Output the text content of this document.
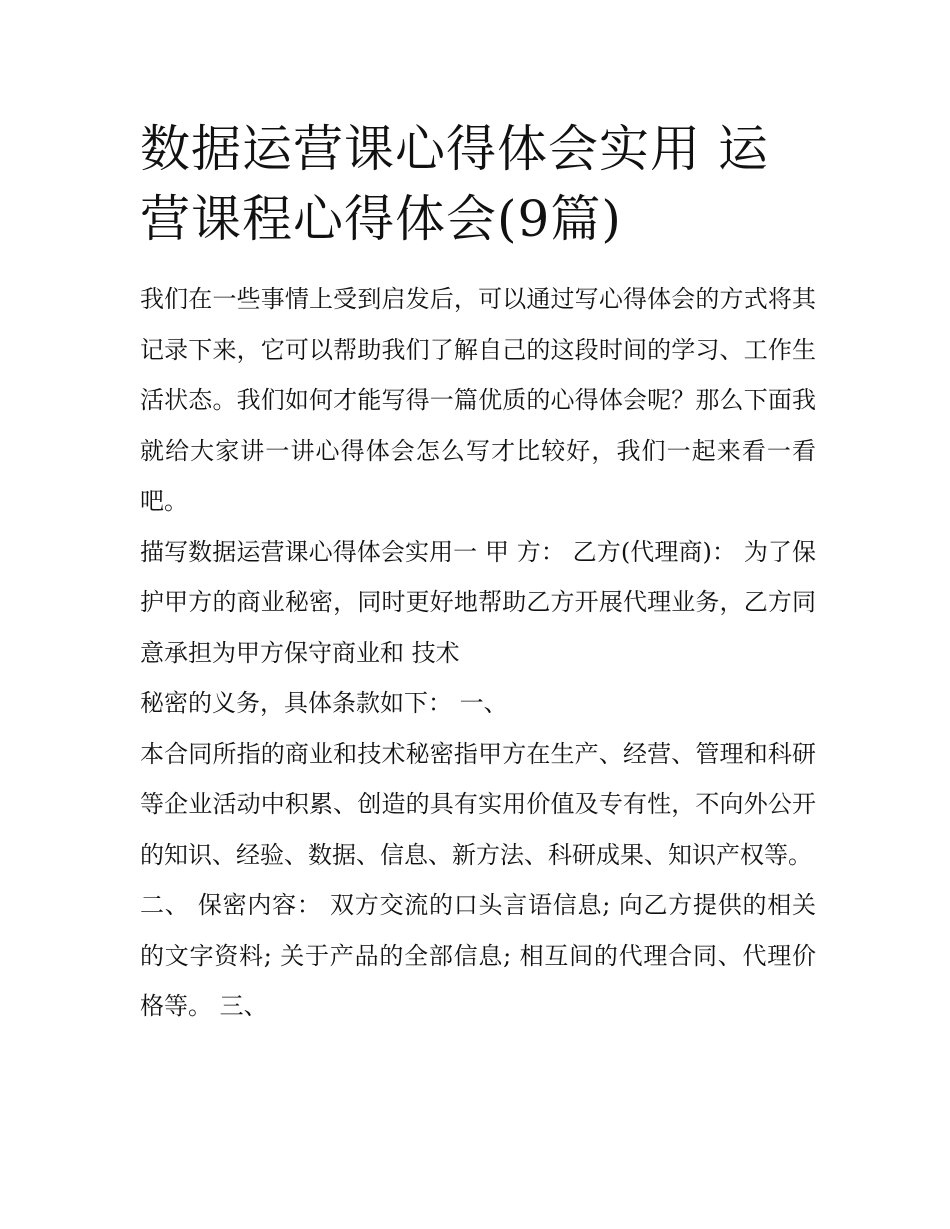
数据运营课心得体会实用 运营课程心得体会(9篇)

我们在一些事情上受到启发后，可以通过写心得体会的方式将其记录下来，它可以帮助我们了解自己的这段时间的学习、工作生活状态。我们如何才能写得一篇优质的心得体会呢？那么下面我就给大家讲一讲心得体会怎么写才比较好，我们一起来看一看吧。

描写数据运营课心得体会实用一 甲 方： 乙方(代理商)： 为了保护甲方的商业秘密，同时更好地帮助乙方开展代理业务，乙方同意承担为甲方保守商业和 技术

秘密的义务，具体条款如下： 一、

本合同所指的商业和技术秘密指甲方在生产、经营、管理和科研等企业活动中积累、创造的具有实用价值及专有性，不向外公开的知识、经验、数据、信息、新方法、科研成果、知识产权等。

二、 保密内容： 双方交流的口头言语信息; 向乙方提供的相关的文字资料; 关于产品的全部信息; 相互间的代理合同、代理价格等。 三、
